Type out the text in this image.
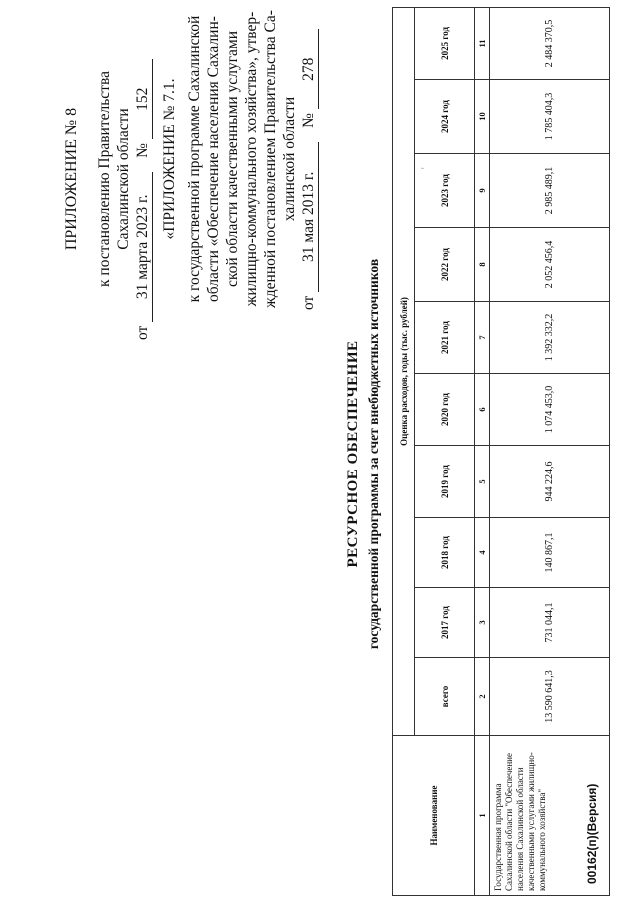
ПРИЛОЖЕНИЕ № 8 к постановлению Правительства Сахалинской области
от 31 марта 2023 г. № 152 «ПРИЛОЖЕНИЕ № 7.1. к государственной программе Сахалинской области «Обеспечение населения Сахалин- ской области качественными услугами жилищно-коммунального хозяйства», утвер- жденной постановлением Правительства Са- халинской области
от 31 мая 2013 г. № 278
РЕСУРСНОЕ ОБЕСПЕЧЕНИЕ государственной программы за счет внебюджетных источников
Наименование	Оценка расходов, годы (тыс. рублей)									
	всего	2017 год	2018 год	2019 год	2020 год	2021 год	2022 год	2023 год	2024 год	2025 год
1	2	3	4	5	6	7	8	9	10	11
Государственная программа Сахалинской области "Обеспечение населения Сахалинской области качественными услугами жилищно-коммунального хозяйства"	13 590 641,3	731 044,1	140 867,1	944 224,6	1 074 453,0	1 392 332,2	2 052 456,4	2 985 489,1	1 785 404,3	2 484 370,5
'
00162(п)(Версия)
